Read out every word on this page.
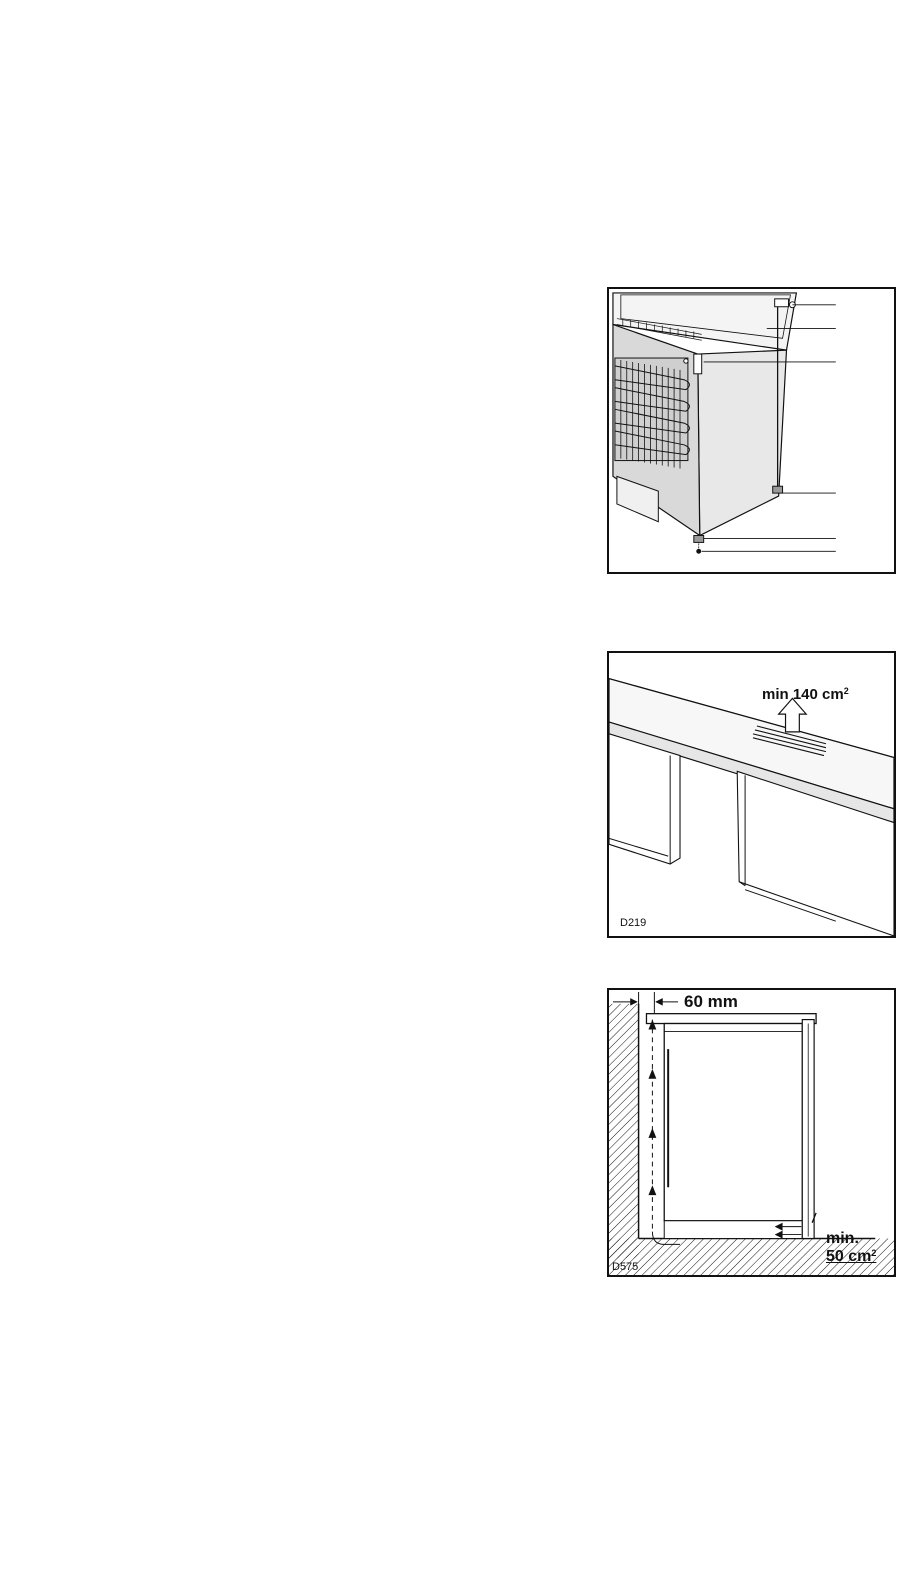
min 140 $cm^2$
D219
60 mm
min.
50 $cm^2$
D575
